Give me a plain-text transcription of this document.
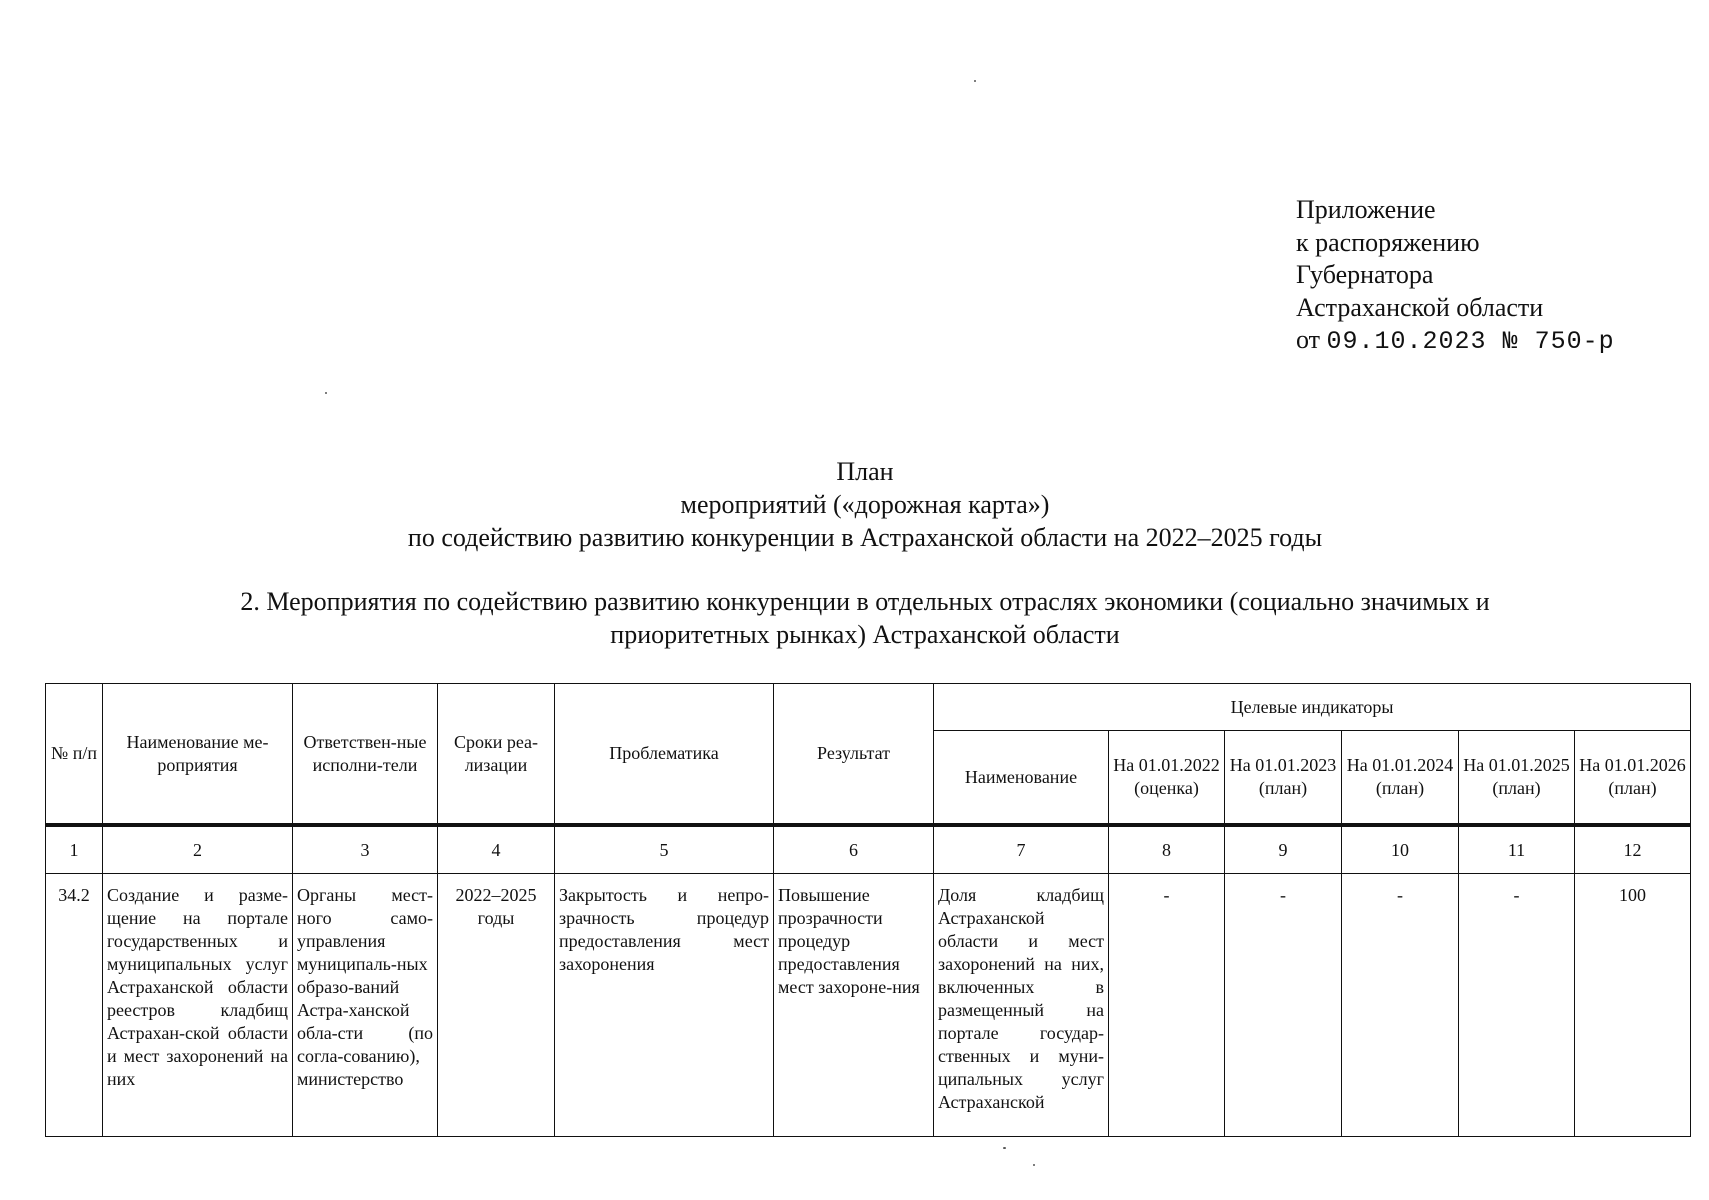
Приложение
к распоряжению
Губернатора
Астраханской области
от 09.10.2023 № 750-р
План
мероприятий («дорожная карта»)
по содействию развитию конкуренции в Астраханской области на 2022–2025 годы
2. Мероприятия по содействию развитию конкуренции в отдельных отраслях экономики (социально значимых и приоритетных рынках) Астраханской области
№ п/п	Наименование ме-роприятия	Ответствен-ные исполни-тели	Сроки реа-лизации	Проблематика	Результат	Целевые индикаторы					
						Наименование	На 01.01.2022 (оценка)	На 01.01.2023 (план)	На 01.01.2024 (план)	На 01.01.2025 (план)	На 01.01.2026 (план)
1	2	3	4	5	6	7	8	9	10	11	12
34.2	Создание и разме-щение на портале государственных и муниципальных услуг Астраханской области реестров кладбищ Астрахан-ской области и мест захоронений на них	Органы мест-ного само-управления муниципаль-ных образо-ваний Астра-ханской обла-сти (по согла-сованию), министерство	2022–2025 годы	Закрытость и непро-зрачность процедур предоставления мест захоронения	Повышение прозрачности процедур предоставления мест захороне-ния	Доля кладбищ Астраханской области и мест захоронений на них, включенных в размещенный на портале государ-ственных и муни-ципальных услуг Астраханской	-	-	-	-	100
